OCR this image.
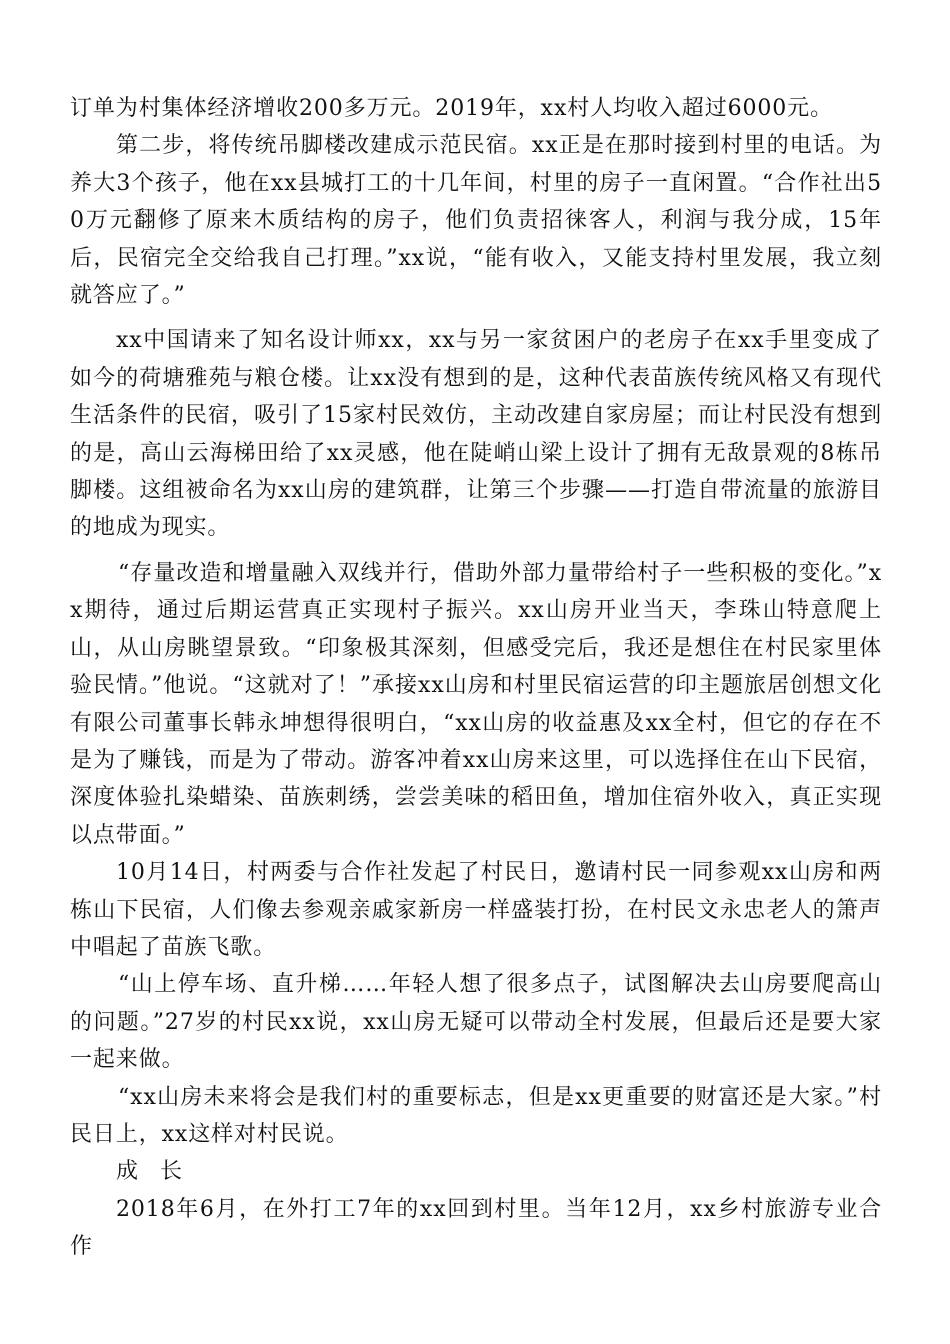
订单为村集体经济增收200多万元。2019年，xx村人均收入超过6000元。

第二步，将传统吊脚楼改建成示范民宿。xx正是在那时接到村里的电话。为养大3个孩子，他在xx县城打工的十几年间，村里的房子一直闲置。“合作社出50万元翻修了原来木质结构的房子，他们负责招徕客人，利润与我分成，15年后，民宿完全交给我自己打理。”xx说，“能有收入，又能支持村里发展，我立刻就答应了。”

xx中国请来了知名设计师xx，xx与另一家贫困户的老房子在xx手里变成了如今的荷塘雅苑与粮仓楼。让xx没有想到的是，这种代表苗族传统风格又有现代生活条件的民宿，吸引了15家村民效仿，主动改建自家房屋；而让村民没有想到的是，高山云海梯田给了xx灵感，他在陡峭山梁上设计了拥有无敌景观的8栋吊脚楼。这组被命名为xx山房的建筑群，让第三个步骤——打造自带流量的旅游目的地成为现实。

“存量改造和增量融入双线并行，借助外部力量带给村子一些积极的变化。”xx期待，通过后期运营真正实现村子振兴。xx山房开业当天，李珠山特意爬上山，从山房眺望景致。“印象极其深刻，但感受完后，我还是想住在村民家里体验民情。”他说。“这就对了！”承接xx山房和村里民宿运营的印主题旅居创想文化有限公司董事长韩永坤想得很明白，“xx山房的收益惠及xx全村，但它的存在不是为了赚钱，而是为了带动。游客冲着xx山房来这里，可以选择住在山下民宿，深度体验扎染蜡染、苗族刺绣，尝尝美味的稻田鱼，增加住宿外收入，真正实现以点带面。”

10月14日，村两委与合作社发起了村民日，邀请村民一同参观xx山房和两栋山下民宿，人们像去参观亲戚家新房一样盛装打扮，在村民文永忠老人的箫声中唱起了苗族飞歌。

“山上停车场、直升梯……年轻人想了很多点子，试图解决去山房要爬高山的问题。”27岁的村民xx说，xx山房无疑可以带动全村发展，但最后还是要大家一起来做。

“xx山房未来将会是我们村的重要标志，但是xx更重要的财富还是大家。”村民日上，xx这样对村民说。

成 长

2018年6月，在外打工7年的xx回到村里。当年12月，xx乡村旅游专业合作
